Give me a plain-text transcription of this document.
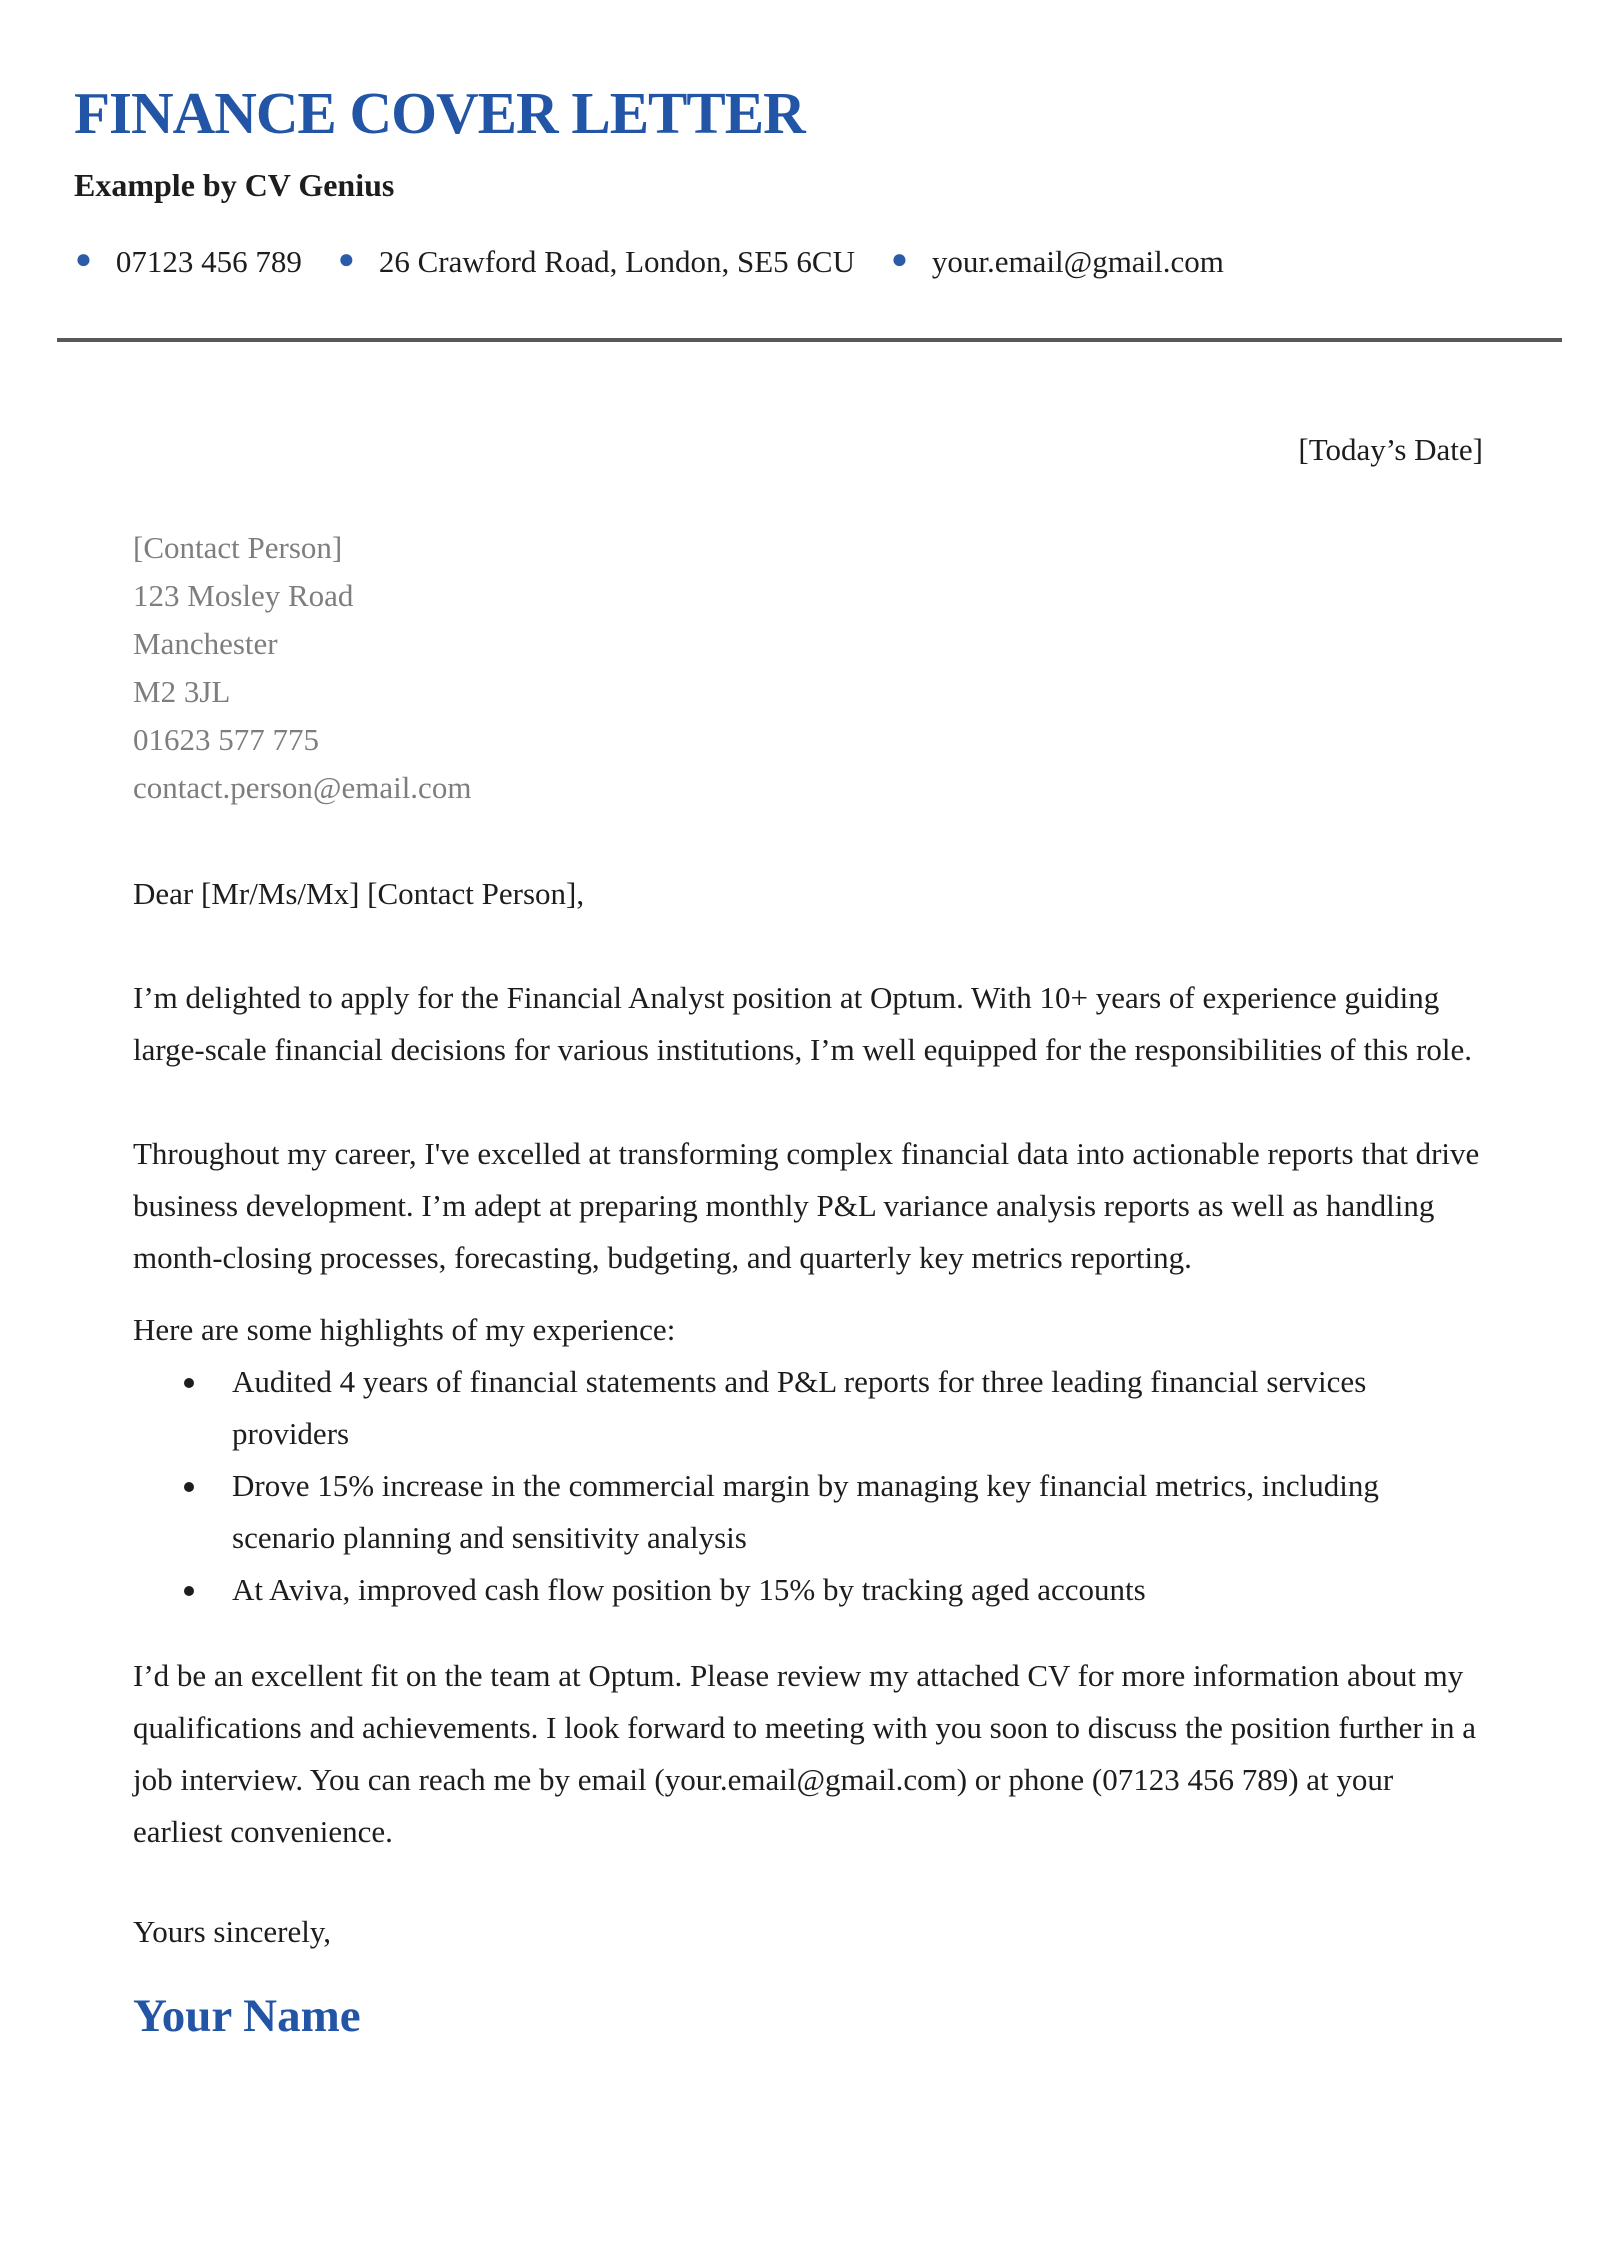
FINANCE COVER LETTER
Example by CV Genius
● 07123 456 789 ● 26 Crawford Road, London, SE5 6CU ● your.email@gmail.com
[Today’s Date]
[Contact Person]
123 Mosley Road
Manchester
M2 3JL
01623 577 775
contact.person@email.com
Dear [Mr/Ms/Mx] [Contact Person],

I’m delighted to apply for the Financial Analyst position at Optum. With 10+ years of experience guiding large-scale financial decisions for various institutions, I’m well equipped for the responsibilities of this role.

Throughout my career, I've excelled at transforming complex financial data into actionable reports that drive business development. I’m adept at preparing monthly P&L variance analysis reports as well as handling month-closing processes, forecasting, budgeting, and quarterly key metrics reporting.

Here are some highlights of my experience:

Audited 4 years of financial statements and P&L reports for three leading financial services providers
Drove 15% increase in the commercial margin by managing key financial metrics, including scenario planning and sensitivity analysis
At Aviva, improved cash flow position by 15% by tracking aged accounts

I’d be an excellent fit on the team at Optum. Please review my attached CV for more information about my qualifications and achievements. I look forward to meeting with you soon to discuss the position further in a job interview. You can reach me by email (your.email@gmail.com) or phone (07123 456 789) at your earliest convenience.

Yours sincerely,
Your Name
